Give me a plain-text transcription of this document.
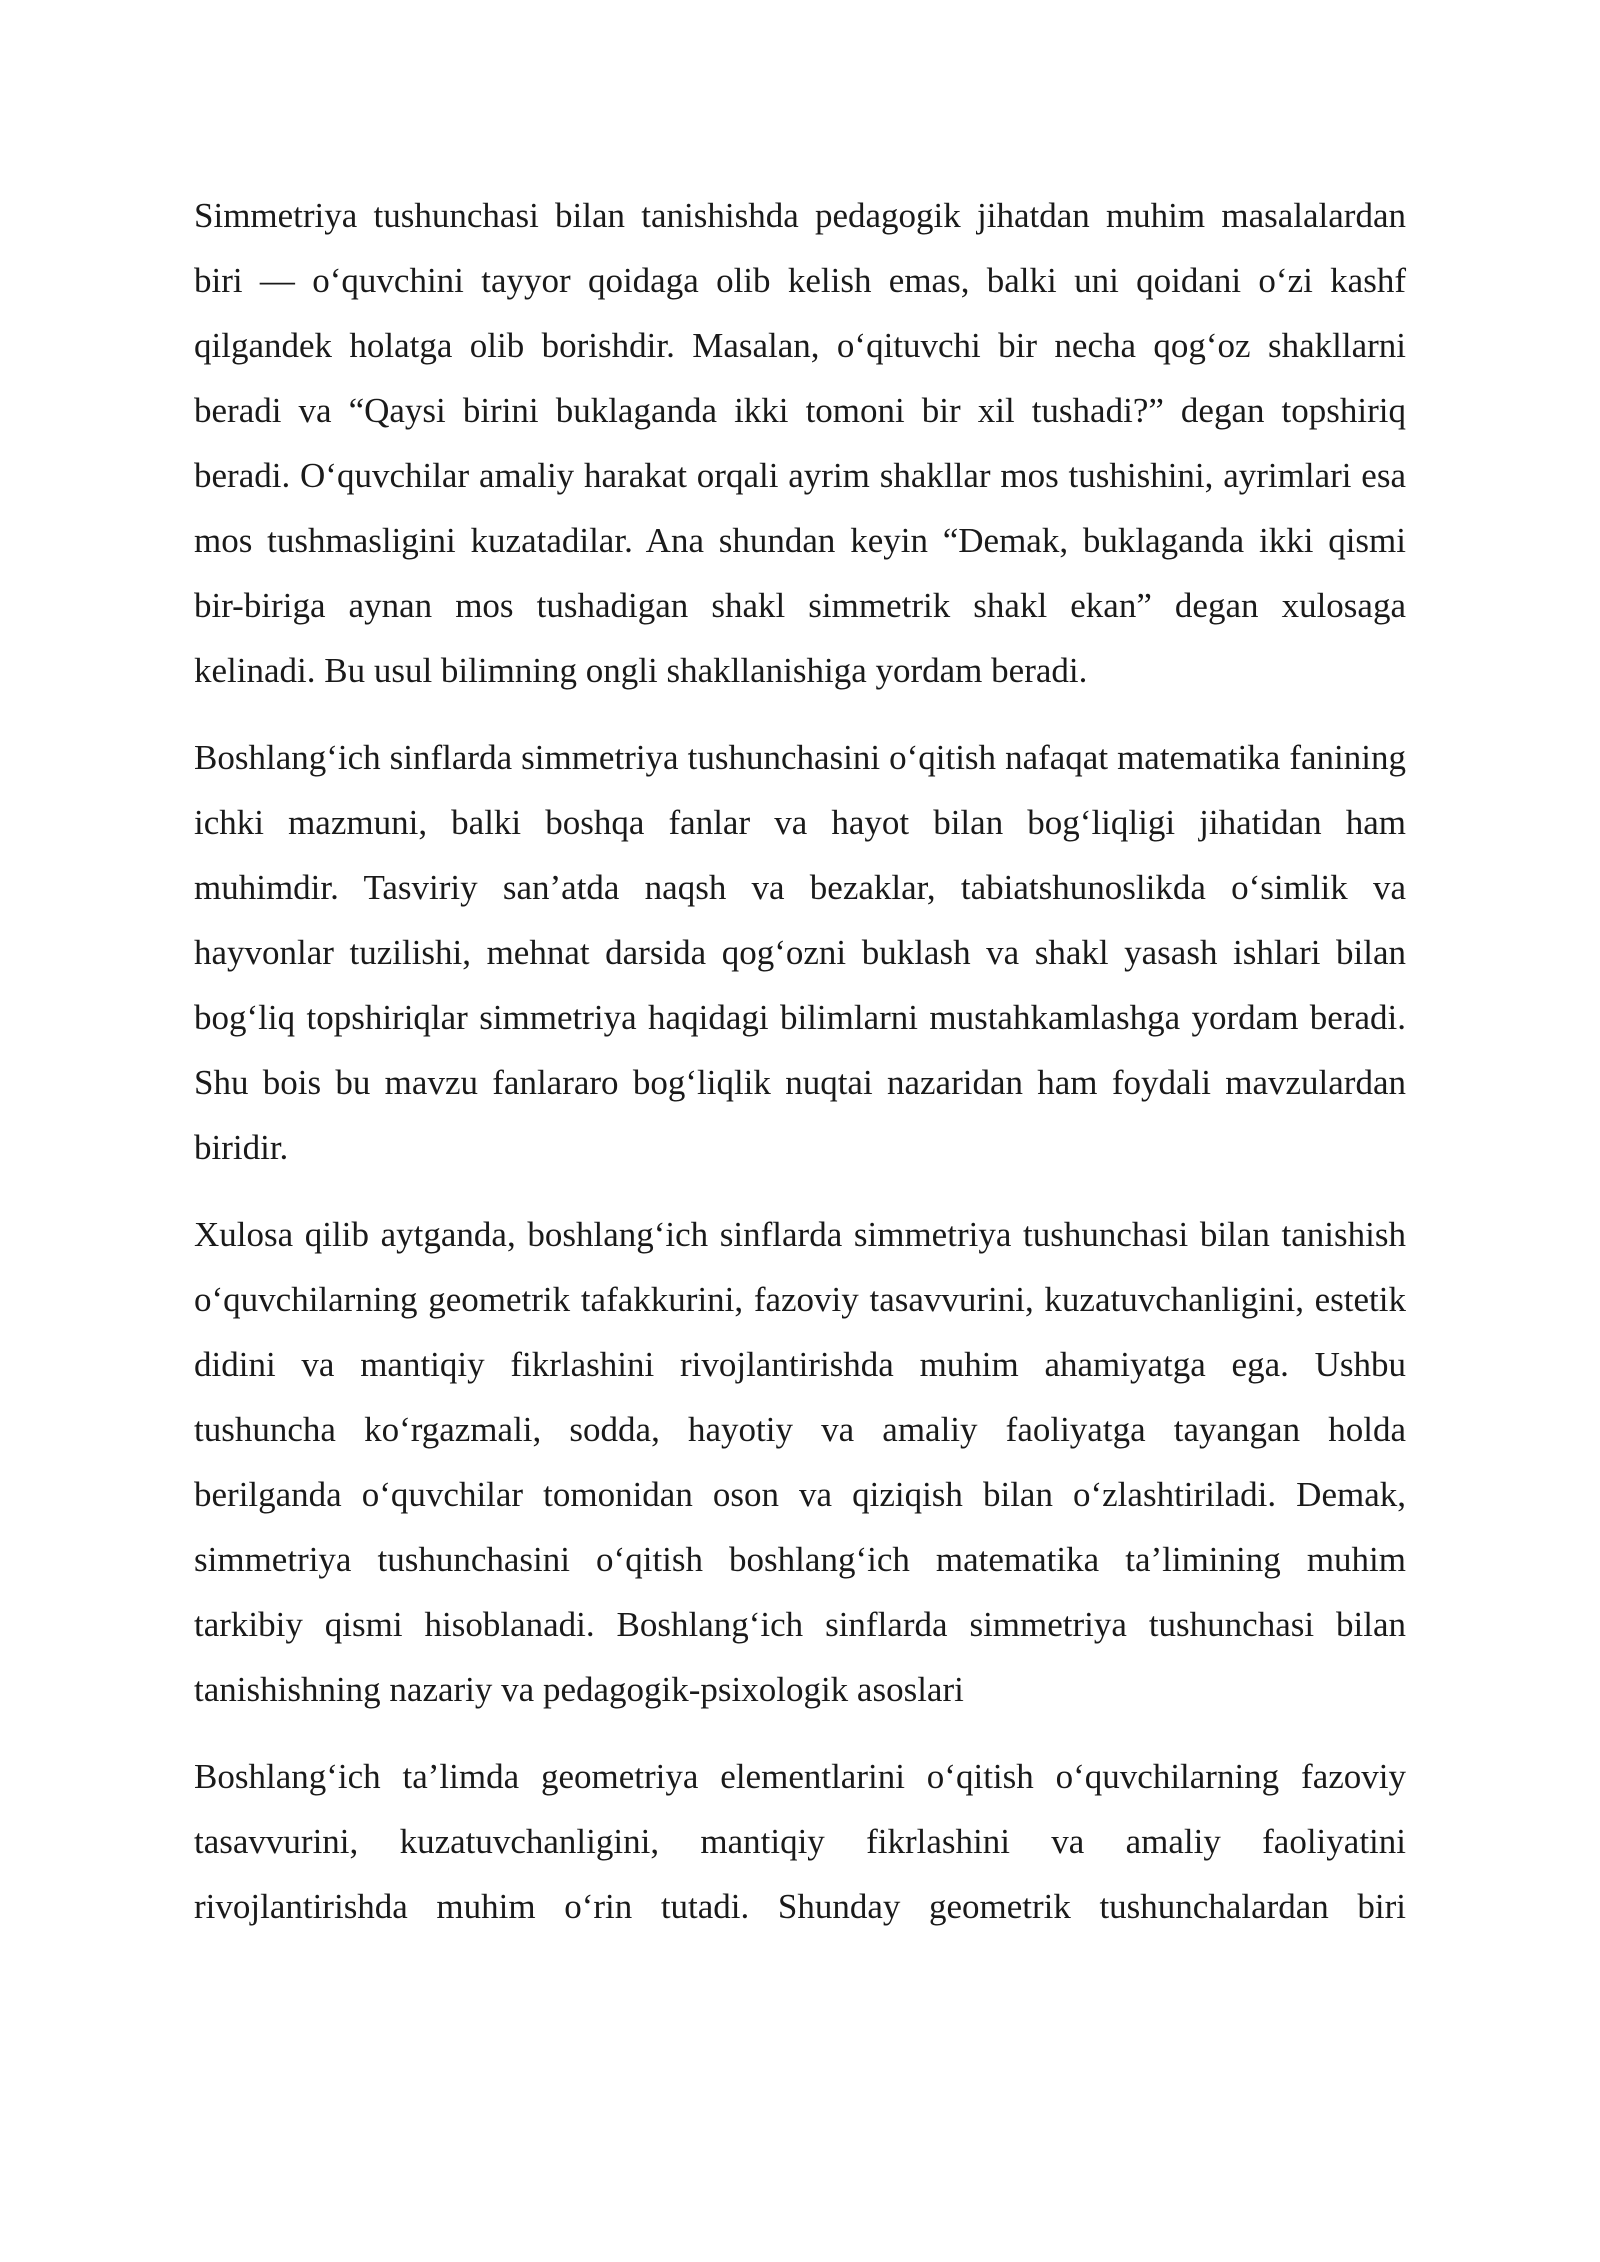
Simmetriya tushunchasi bilan tanishishda pedagogik jihatdan muhim masalalardan biri — o‘quvchini tayyor qoidaga olib kelish emas, balki uni qoidani o‘zi kashf qilgandek holatga olib borishdir. Masalan, o‘qituvchi bir necha qog‘oz shakllarni beradi va “Qaysi birini buklaganda ikki tomoni bir xil tushadi?” degan topshiriq beradi. O‘quvchilar amaliy harakat orqali ayrim shakllar mos tushishini, ayrimlari esa mos tushmasligini kuzatadilar. Ana shundan keyin “Demak, buklaganda ikki qismi bir-biriga aynan mos tushadigan shakl simmetrik shakl ekan” degan xulosaga kelinadi. Bu usul bilimning ongli shakllanishiga yordam beradi.

Boshlang‘ich sinflarda simmetriya tushunchasini o‘qitish nafaqat matematika fanining ichki mazmuni, balki boshqa fanlar va hayot bilan bog‘liqligi jihatidan ham muhimdir. Tasviriy san’atda naqsh va bezaklar, tabiatshunoslikda o‘simlik va hayvonlar tuzilishi, mehnat darsida qog‘ozni buklash va shakl yasash ishlari bilan bog‘liq topshiriqlar simmetriya haqidagi bilimlarni mustahkamlashga yordam beradi. Shu bois bu mavzu fanlararo bog‘liqlik nuqtai nazaridan ham foydali mavzulardan biridir.

Xulosa qilib aytganda, boshlang‘ich sinflarda simmetriya tushunchasi bilan tanishish o‘quvchilarning geometrik tafakkurini, fazoviy tasavvurini, kuzatuvchanligini, estetik didini va mantiqiy fikrlashini rivojlantirishda muhim ahamiyatga ega. Ushbu tushuncha ko‘rgazmali, sodda, hayotiy va amaliy faoliyatga tayangan holda berilganda o‘quvchilar tomonidan oson va qiziqish bilan o‘zlashtiriladi. Demak, simmetriya tushunchasini o‘qitish boshlang‘ich matematika ta’limining muhim tarkibiy qismi hisoblanadi. Boshlang‘ich sinflarda simmetriya tushunchasi bilan tanishishning nazariy va pedagogik-psixologik asoslari

Boshlang‘ich ta’limda geometriya elementlarini o‘qitish o‘quvchilarning fazoviy tasavvurini, kuzatuvchanligini, mantiqiy fikrlashini va amaliy faoliyatini rivojlantirishda muhim o‘rin tutadi. Shunday geometrik tushunchalardan biri
